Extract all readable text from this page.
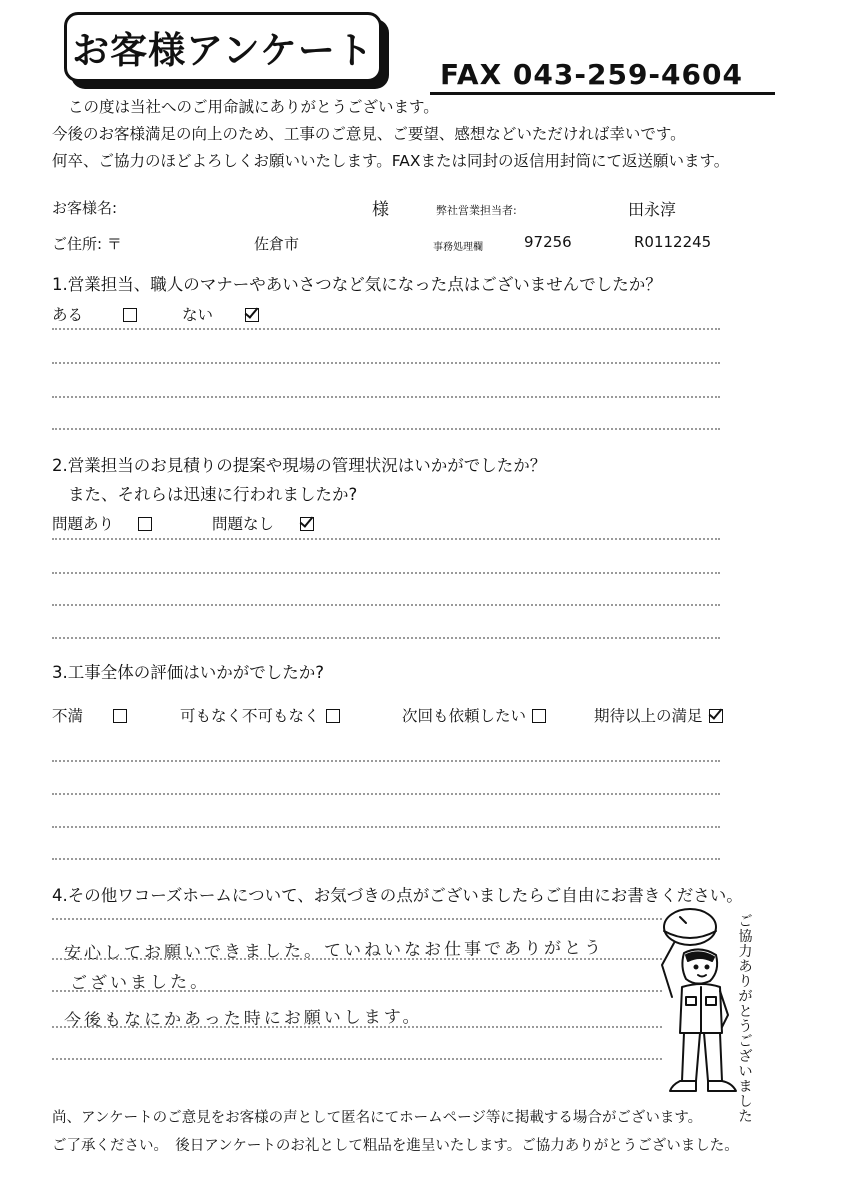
お客様アンケート
FAX 043-259-4604
この度は当社へのご用命誠にありがとうございます。
今後のお客様満足の向上のため、工事のご意見、ご要望、感想などいただければ幸いです。
何卒、ご協力のほどよろしくお願いいたします。FAXまたは同封の返信用封筒にて返送願います。
お客様名:	様	弊社営業担当者:	田永淳
ご住所: 〒	佐倉市	事務処理欄	97256	R0112245
1.営業担当、職人のマナーやあいさつなど気になった点はございませんでしたか？
ある	ない
2.営業担当のお見積りの提案や現場の管理状況はいかがでしたか？
また、それらは迅速に行われましたか?
問題あり	問題なし
3.工事全体の評価はいかがでしたか?
不満	可もなく不可もなく	次回も依頼したい	期待以上の満足
4.その他ワコーズホームについて、お気づきの点がございましたらご自由にお書きください。
安心してお願いできました。ていねいなお仕事でありがとう
ございました。
今後もなにかあった時にお願いします。
ご協力ありがとうございました
尚、アンケートのご意見をお客様の声として匿名にてホームページ等に掲載する場合がございます。
ご了承ください。　後日アンケートのお礼として粗品を進呈いたします。ご協力ありがとうございました。
